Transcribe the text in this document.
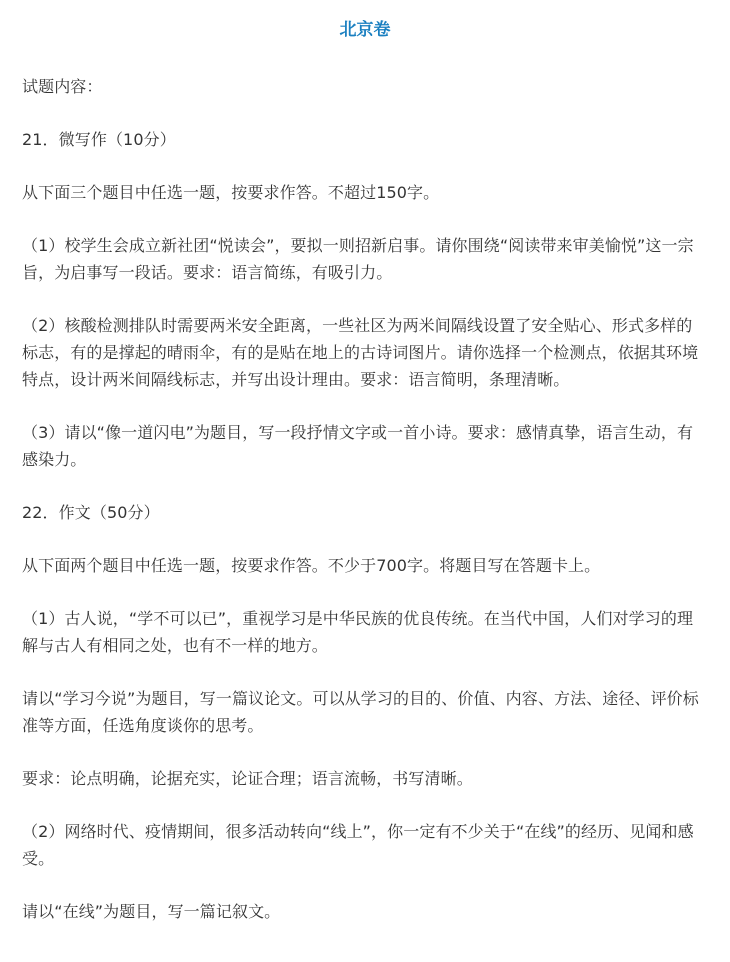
北京卷

试题内容：

21．微写作（10分）

从下面三个题目中任选一题，按要求作答。不超过150字。

（1）校学生会成立新社团“悦读会”，要拟一则招新启事。请你围绕“阅读带来审美愉悦”这一宗旨，为启事写一段话。要求：语言简练，有吸引力。

（2）核酸检测排队时需要两米安全距离，一些社区为两米间隔线设置了安全贴心、形式多样的标志，有的是撑起的晴雨伞，有的是贴在地上的古诗词图片。请你选择一个检测点，依据其环境特点，设计两米间隔线标志，并写出设计理由。要求：语言简明，条理清晰。

（3）请以“像一道闪电”为题目，写一段抒情文字或一首小诗。要求：感情真挚，语言生动，有感染力。

22．作文（50分）

从下面两个题目中任选一题，按要求作答。不少于700字。将题目写在答题卡上。

（1）古人说，“学不可以已”，重视学习是中华民族的优良传统。在当代中国，人们对学习的理解与古人有相同之处，也有不一样的地方。

请以“学习今说”为题目，写一篇议论文。可以从学习的目的、价值、内容、方法、途径、评价标准等方面，任选角度谈你的思考。

要求：论点明确，论据充实，论证合理；语言流畅，书写清晰。

（2）网络时代、疫情期间，很多活动转向“线上”，你一定有不少关于“在线”的经历、见闻和感受。

请以“在线”为题目，写一篇记叙文。
